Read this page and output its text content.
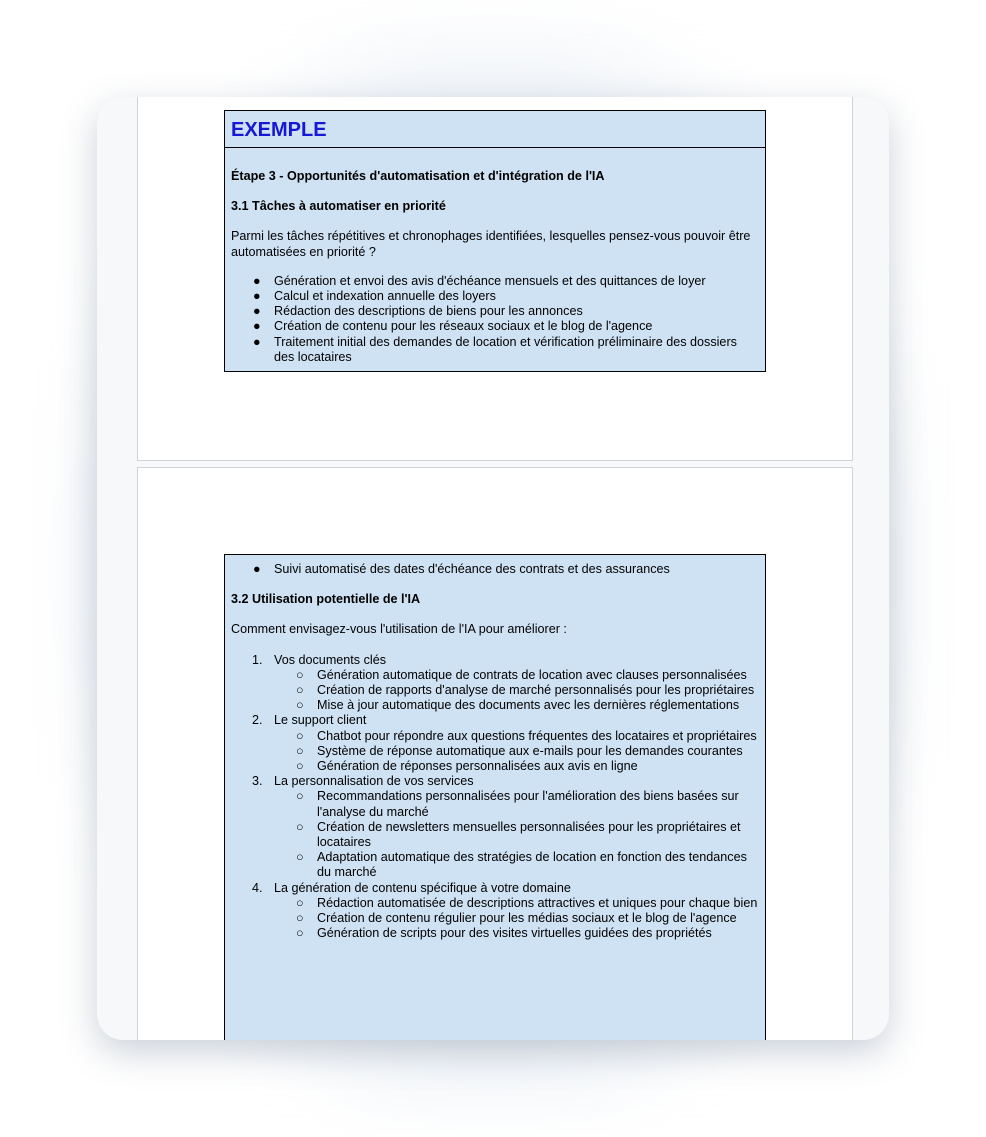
EXEMPLE

Étape 3 - Opportunités d'automatisation et d'intégration de l'IA

3.1 Tâches à automatiser en priorité

Parmi les tâches répétitives et chronophages identifiées, lesquelles pensez-vous pouvoir être automatisées en priorité ?

● Génération et envoi des avis d'échéance mensuels et des quittances de loyer
● Calcul et indexation annuelle des loyers
● Rédaction des descriptions de biens pour les annonces
● Création de contenu pour les réseaux sociaux et le blog de l'agence
● Traitement initial des demandes de location et vérification préliminaire des dossiers des locataires
● Suivi automatisé des dates d'échéance des contrats et des assurances

3.2 Utilisation potentielle de l'IA

Comment envisagez-vous l'utilisation de l'IA pour améliorer :

1. Vos documents clés
○ Génération automatique de contrats de location avec clauses personnalisées
○ Création de rapports d'analyse de marché personnalisés pour les propriétaires
○ Mise à jour automatique des documents avec les dernières réglementations
2. Le support client
○ Chatbot pour répondre aux questions fréquentes des locataires et propriétaires
○ Système de réponse automatique aux e-mails pour les demandes courantes
○ Génération de réponses personnalisées aux avis en ligne
3. La personnalisation de vos services
○ Recommandations personnalisées pour l'amélioration des biens basées sur l'analyse du marché
○ Création de newsletters mensuelles personnalisées pour les propriétaires et locataires
○ Adaptation automatique des stratégies de location en fonction des tendances du marché
4. La génération de contenu spécifique à votre domaine
○ Rédaction automatisée de descriptions attractives et uniques pour chaque bien
○ Création de contenu régulier pour les médias sociaux et le blog de l'agence
○ Génération de scripts pour des visites virtuelles guidées des propriétés
